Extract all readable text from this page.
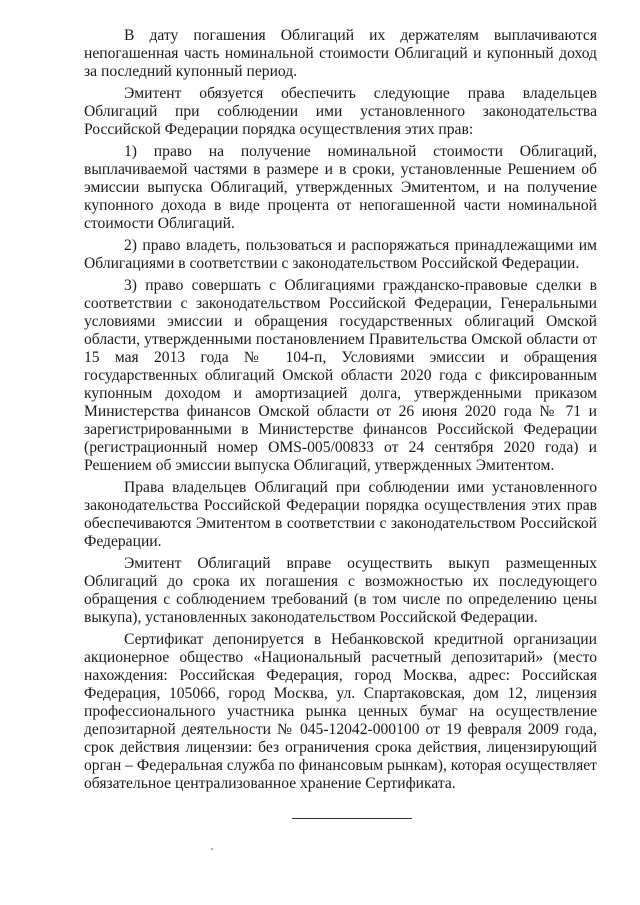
В дату погашения Облигаций их держателям выплачиваются непогашенная часть номинальной стоимости Облигаций и купонный доход за последний купонный период.

Эмитент обязуется обеспечить следующие права владельцев Облигаций при соблюдении ими установленного законодательства Российской Федерации порядка осуществления этих прав:

1) право на получение номинальной стоимости Облигаций, выплачиваемой частями в размере и в сроки, установленные Решением об эмиссии выпуска Облигаций, утвержденных Эмитентом, и на получение купонного дохода в виде процента от непогашенной части номинальной стоимости Облигаций.

2) право владеть, пользоваться и распоряжаться принадлежащими им Облигациями в соответствии с законодательством Российской Федерации.

3) право совершать с Облигациями гражданско-правовые сделки в соответствии с законодательством Российской Федерации, Генеральными условиями эмиссии и обращения государственных облигаций Омской области, утвержденными постановлением Правительства Омской области от 15 мая 2013 года № 104-п, Условиями эмиссии и обращения государственных облигаций Омской области 2020 года с фиксированным купонным доходом и амортизацией долга, утвержденными приказом Министерства финансов Омской области от 26 июня 2020 года № 71 и зарегистрированными в Министерстве финансов Российской Федерации (регистрационный номер OMS-005/00833 от 24 сентября 2020 года) и Решением об эмиссии выпуска Облигаций, утвержденных Эмитентом.

Права владельцев Облигаций при соблюдении ими установленного законодательства Российской Федерации порядка осуществления этих прав обеспечиваются Эмитентом в соответствии с законодательством Российской Федерации.

Эмитент Облигаций вправе осуществить выкуп размещенных Облигаций до срока их погашения с возможностью их последующего обращения с соблюдением требований (в том числе по определению цены выкупа), установленных законодательством Российской Федерации.

Сертификат депонируется в Небанковской кредитной организации акционерное общество «Национальный расчетный депозитарий» (место нахождения: Российская Федерация, город Москва, адрес: Российская Федерация, 105066, город Москва, ул. Спартаковская, дом 12, лицензия профессионального участника рынка ценных бумаг на осуществление депозитарной деятельности № 045-12042-000100 от 19 февраля 2009 года, срок действия лицензии: без ограничения срока действия, лицензирующий орган – Федеральная служба по финансовым рынкам), которая осуществляет обязательное централизованное хранение Сертификата.
